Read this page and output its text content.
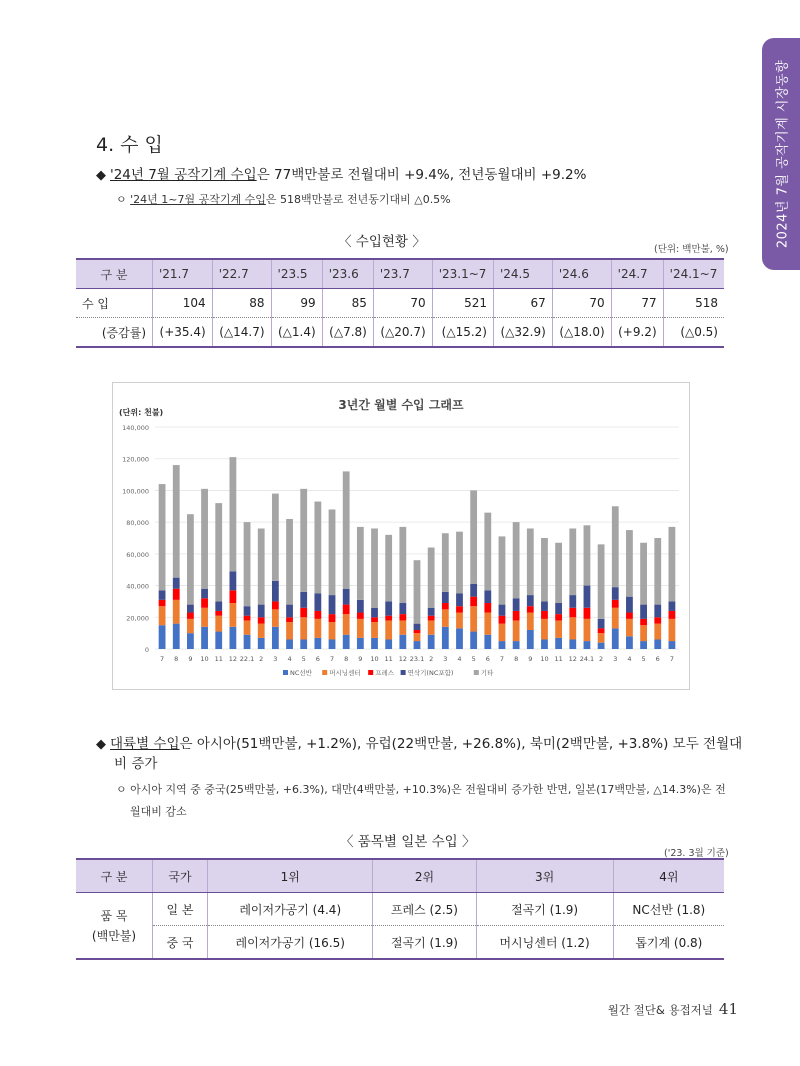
2024년 7월 공작기계 시장동향
4. 수 입
◆ '24년 7월 공작기계 수입은 77백만불로 전월대비 +9.4%, 전년동월대비 +9.2%
ㅇ '24년 1~7월 공작기계 수입은 518백만불로 전년동기대비 △0.5%
〈 수입현황 〉	(단위: 백만불, %)
구 분	'21.7	'22.7	'23.5	'23.6	'23.7	'23.1~7	'24.5	'24.6	'24.7	'24.1~7
수 입	104	88	99	85	70	521	67	70	77	518
(증감률)	(+35.4)	(△14.7)	(△1.4)	(△7.8)	(△20.7)	(△15.2)	(△32.9)	(△18.0)	(+9.2)	(△0.5)
3년간 월별 수입 그래프
(단위: 천불)
0
20,000
40,000
60,000
80,000
100,000
120,000
140,000
7 8 9 10 11 12 22.1 2 3 4 5 6 7 8 9 10 11 12 23.1 2 3 4 5 6 7 8 9 10 11 12 24.1 2 3 4 5 6 7
NC선반	머시닝센터 프레스 연삭기(NC포함)	기타
◆ 대륙별 수입은 아시아(51백만불, +1.2%), 유럽(22백만불, +26.8%), 북미(2백만불, +3.8%) 모두 전월대
비 증가
ㅇ 아시아 지역 중 중국(25백만불, +6.3%), 대만(4백만불, +10.3%)은 전월대비 증가한 반면, 일본(17백만불, △14.3%)은 전
월대비 감소
〈 품목별 일본 수입 〉
('23. 3월 기준)
구 분	국가	1위	2위	3위	4위

품 목
(백만불)	일 본	레이저가공기 (4.4)	프레스 (2.5)	절곡기 (1.9)	NC선반 (1.8)
	중 국	레이저가공기 (16.5)	절곡기 (1.9)	머시닝센터 (1.2)	톱기계 (0.8)
월간 절단& 용접저널 41
